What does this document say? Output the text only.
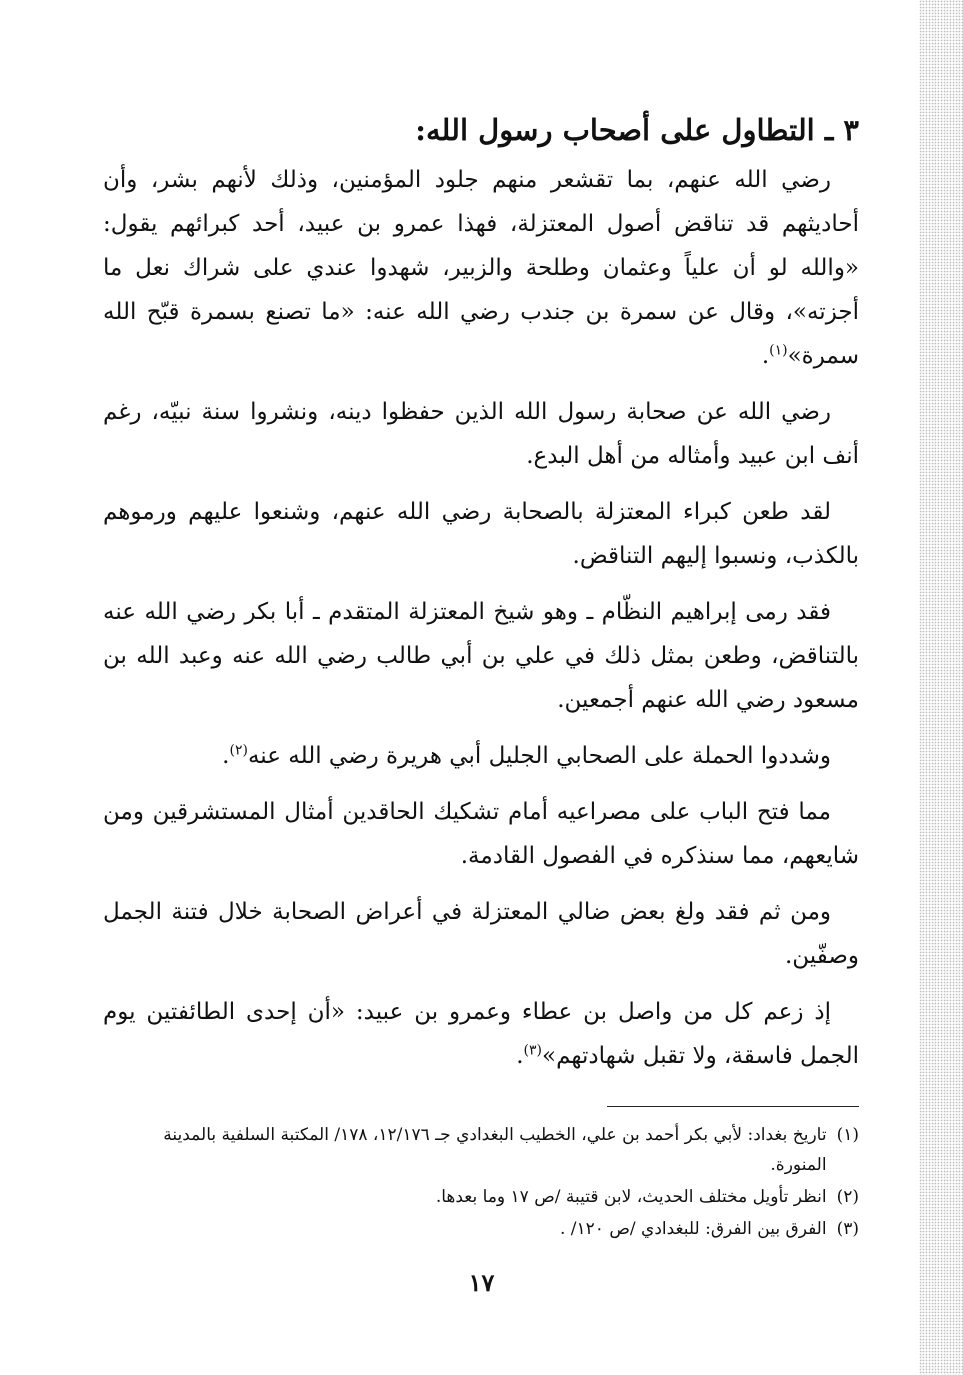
٣ ـ التطاول على أصحاب رسول الله:

رضي الله عنهم، بما تقشعر منهم جلود المؤمنين، وذلك لأنهم بشر، وأن أحاديثهم قد تناقض أصول المعتزلة، فهذا عمرو بن عبيد، أحد كبرائهم يقول: «والله لو أن علياً وعثمان وطلحة والزبير، شهدوا عندي على شراك نعل ما أجزته»، وقال عن سمرة بن جندب رضي الله عنه: «ما تصنع بسمرة قبّح الله سمرة»$^{(١)}$.

رضي الله عن صحابة رسول الله الذين حفظوا دينه، ونشروا سنة نبيّه، رغم أنف ابن عبيد وأمثاله من أهل البدع.

لقد طعن كبراء المعتزلة بالصحابة رضي الله عنهم، وشنعوا عليهم ورموهم بالكذب، ونسبوا إليهم التناقض.

فقد رمى إبراهيم النظّام ـ وهو شيخ المعتزلة المتقدم ـ أبا بكر رضي الله عنه بالتناقض، وطعن بمثل ذلك في علي بن أبي طالب رضي الله عنه وعبد الله بن مسعود رضي الله عنهم أجمعين.

وشددوا الحملة على الصحابي الجليل أبي هريرة رضي الله عنه$^{(٢)}$.

مما فتح الباب على مصراعيه أمام تشكيك الحاقدين أمثال المستشرقين ومن شايعهم، مما سنذكره في الفصول القادمة.

ومن ثم فقد ولغ بعض ضالي المعتزلة في أعراض الصحابة خلال فتنة الجمل وصفّين.

إذ زعم كل من واصل بن عطاء وعمرو بن عبيد: «أن إحدى الطائفتين يوم الجمل فاسقة، ولا تقبل شهادتهم»$^{(٣)}$.

(١)
تاريخ بغداد: لأبي بكر أحمد بن علي، الخطيب البغدادي جـ ١٢/١٧٦، ١٧٨/ المكتبة السلفية بالمدينة المنورة.
(٢)
انظر تأويل مختلف الحديث، لابن قتيبة /ص ١٧ وما بعدها.
(٣)
الفرق بين الفرق: للبغدادي /ص ١٢٠/ .
١٧
